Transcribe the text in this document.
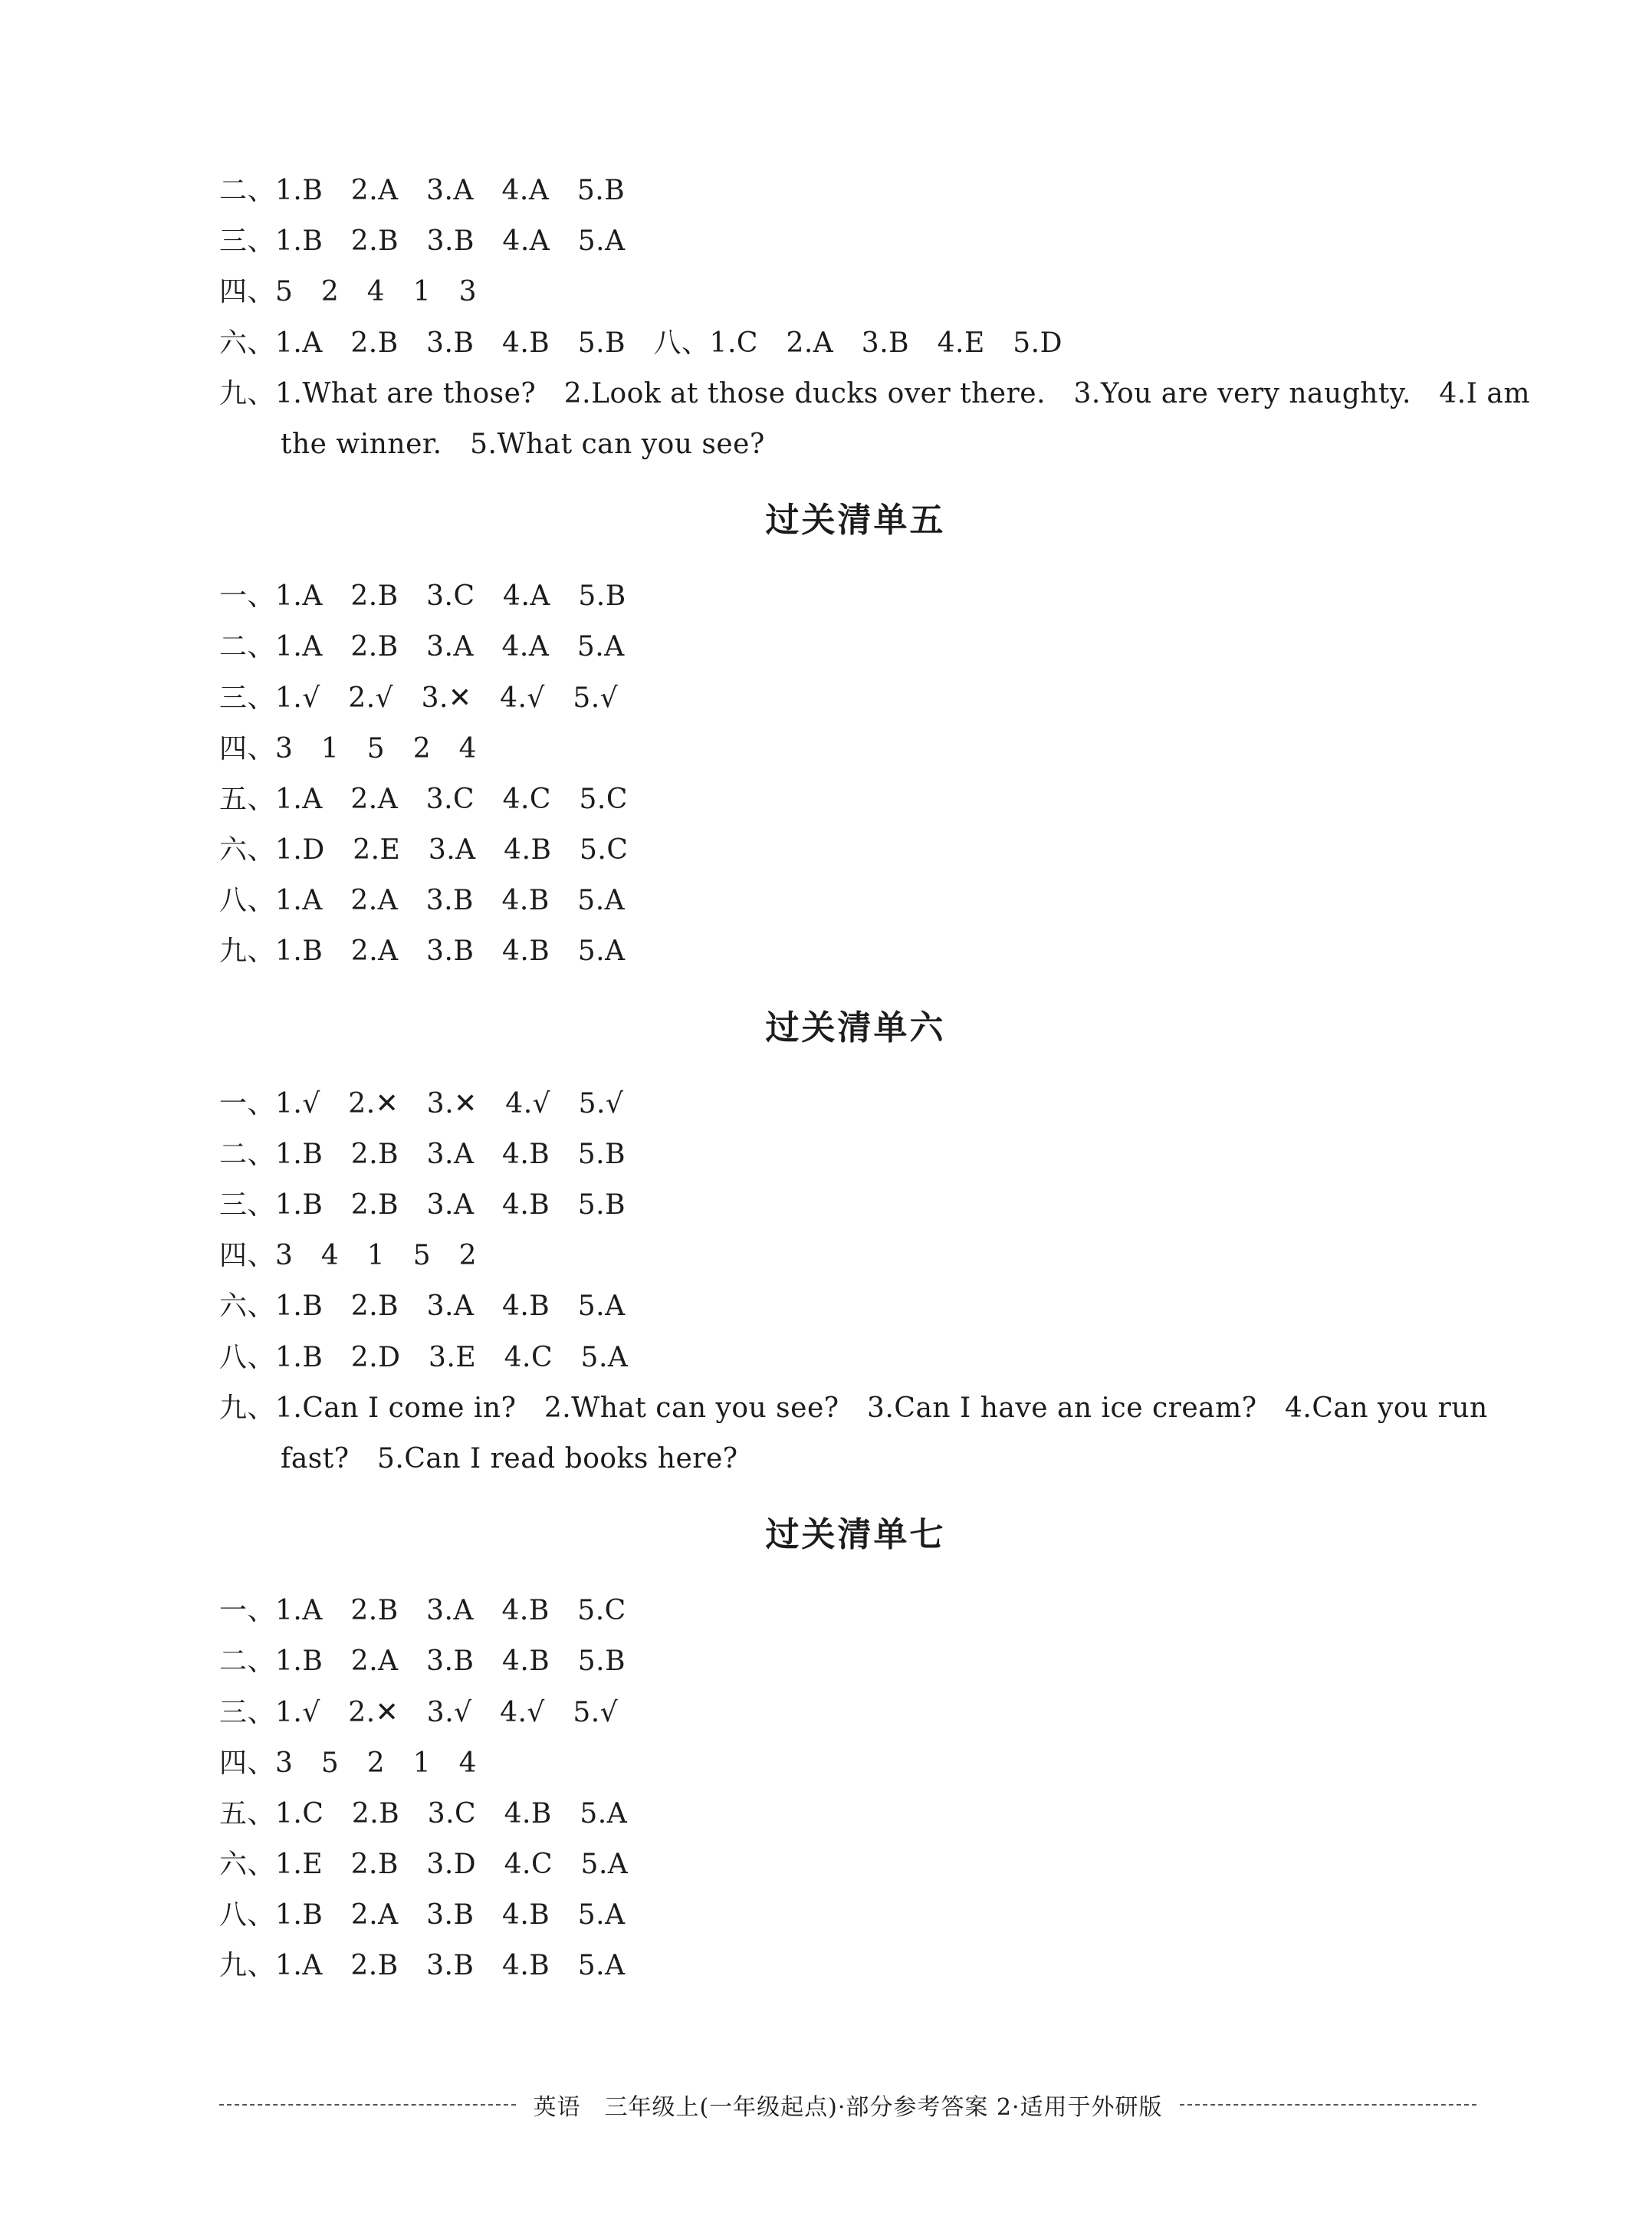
二、1.B　2.A　3.A　4.A　5.B
三、1.B　2.B　3.B　4.A　5.A
四、5　2　4　1　3
六、1.A　2.B　3.B　4.B　5.B　八、1.C　2.A　3.B　4.E　5.D
九、1.What are those?　2.Look at those ducks over there.　3.You are very naughty.　4.I am
the winner.　5.What can you see?
过关清单五
一、1.A　2.B　3.C　4.A　5.B
二、1.A　2.B　3.A　4.A　5.A
三、1.√　2.√　3.✕　4.√　5.√
四、3　1　5　2　4
五、1.A　2.A　3.C　4.C　5.C
六、1.D　2.E　3.A　4.B　5.C
八、1.A　2.A　3.B　4.B　5.A
九、1.B　2.A　3.B　4.B　5.A
过关清单六
一、1.√　2.✕　3.✕　4.√　5.√
二、1.B　2.B　3.A　4.B　5.B
三、1.B　2.B　3.A　4.B　5.B
四、3　4　1　5　2
六、1.B　2.B　3.A　4.B　5.A
八、1.B　2.D　3.E　4.C　5.A
九、1.Can I come in?　2.What can you see?　3.Can I have an ice cream?　4.Can you run
fast?　5.Can I read books here?
过关清单七
一、1.A　2.B　3.A　4.B　5.C
二、1.B　2.A　3.B　4.B　5.B
三、1.√　2.✕　3.√　4.√　5.√
四、3　5　2　1　4
五、1.C　2.B　3.C　4.B　5.A
六、1.E　2.B　3.D　4.C　5.A
八、1.B　2.A　3.B　4.B　5.A
九、1.A　2.B　3.B　4.B　5.A
英语　三年级上(一年级起点)·部分参考答案 2·适用于外研版
